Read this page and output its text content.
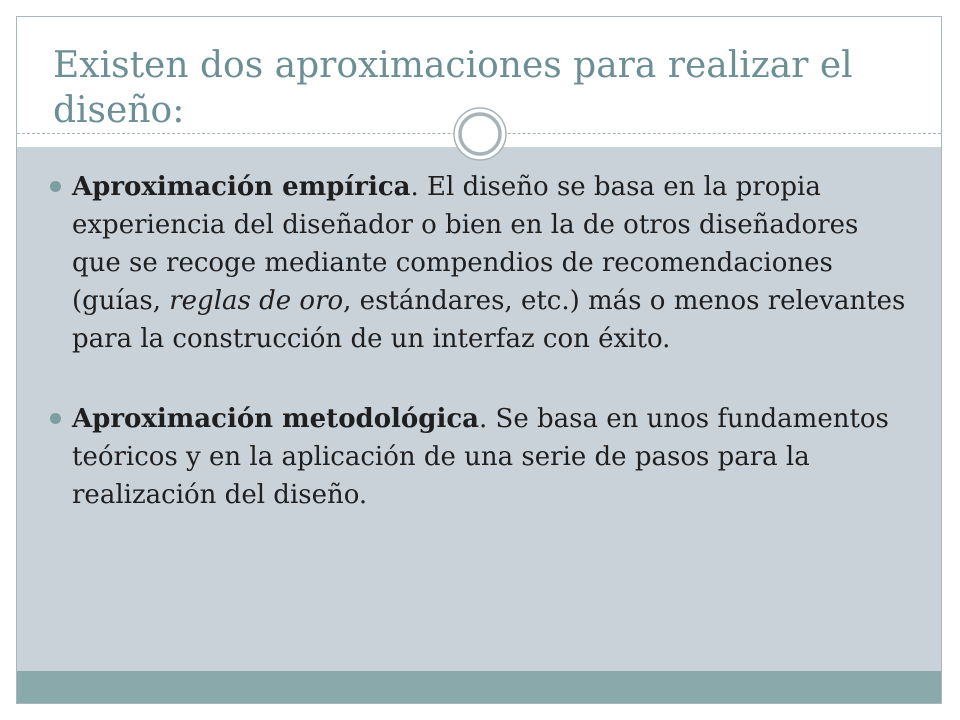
Existen dos aproximaciones para realizar el diseño:
Aproximación empírica. El diseño se basa en la propia experiencia del diseñador o bien en la de otros diseñadores que se recoge mediante compendios de recomendaciones (guías, reglas de oro, estándares, etc.) más o menos relevantes para la construcción de un interfaz con éxito.
Aproximación metodológica. Se basa en unos fundamentos teóricos y en la aplicación de una serie de pasos para la realización del diseño.
